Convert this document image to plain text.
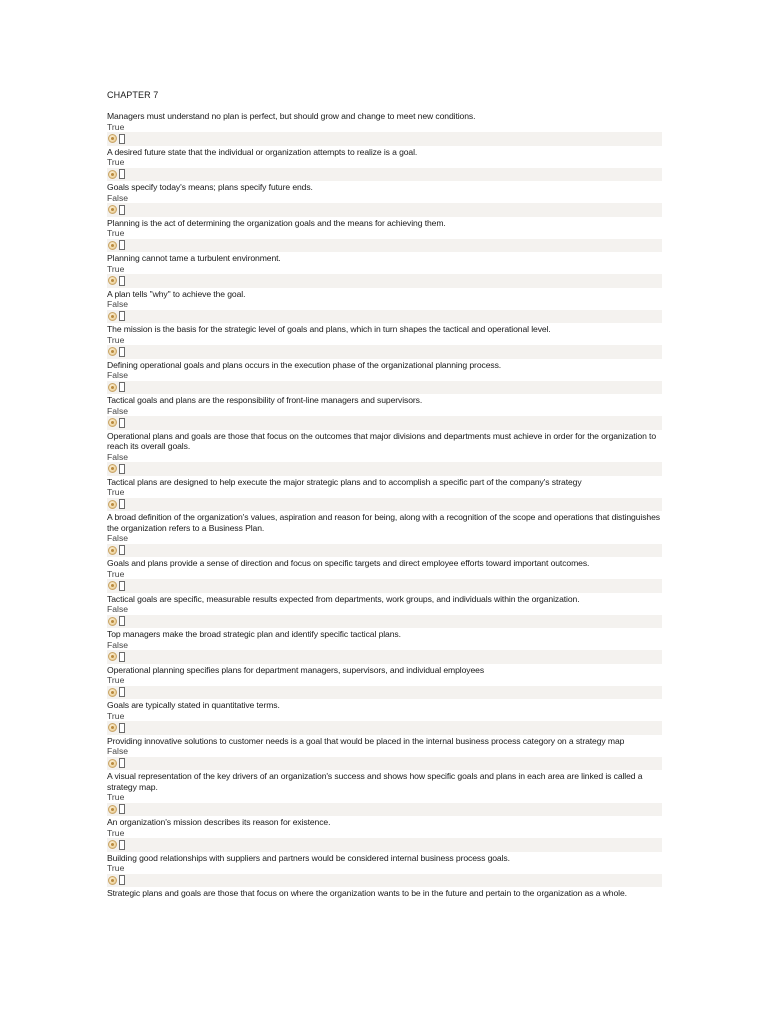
CHAPTER 7
Managers must understand no plan is perfect, but should grow and change to meet new conditions.
True
A desired future state that the individual or organization attempts to realize is a goal.
True
Goals specify today's means; plans specify future ends.
False
Planning is the act of determining the organization goals and the means for achieving them.
True
Planning cannot tame a turbulent environment.
True
A plan tells "why" to achieve the goal.
False
The mission is the basis for the strategic level of goals and plans, which in turn shapes the tactical and operational level.
True
Defining operational goals and plans occurs in the execution phase of the organizational planning process.
False
Tactical goals and plans are the responsibility of front-line managers and supervisors.
False
Operational plans and goals are those that focus on the outcomes that major divisions and departments must achieve in order for the organization to reach its overall goals.
False
Tactical plans are designed to help execute the major strategic plans and to accomplish a specific part of the company's strategy
True
A broad definition of the organization's values, aspiration and reason for being, along with a recognition of the scope and operations that distinguishes the organization refers to a Business Plan.
False
Goals and plans provide a sense of direction and focus on specific targets and direct employee efforts toward important outcomes.
True
Tactical goals are specific, measurable results expected from departments, work groups, and individuals within the organization.
False
Top managers make the broad strategic plan and identify specific tactical plans.
False
Operational planning specifies plans for department managers, supervisors, and individual employees
True
Goals are typically stated in quantitative terms.
True
Providing innovative solutions to customer needs is a goal that would be placed in the internal business process category on a strategy map
False
A visual representation of the key drivers of an organization's success and shows how specific goals and plans in each area are linked is called a strategy map.
True
An organization's mission describes its reason for existence.
True
Building good relationships with suppliers and partners would be considered internal business process goals.
True
Strategic plans and goals are those that focus on where the organization wants to be in the future and pertain to the organization as a whole.
